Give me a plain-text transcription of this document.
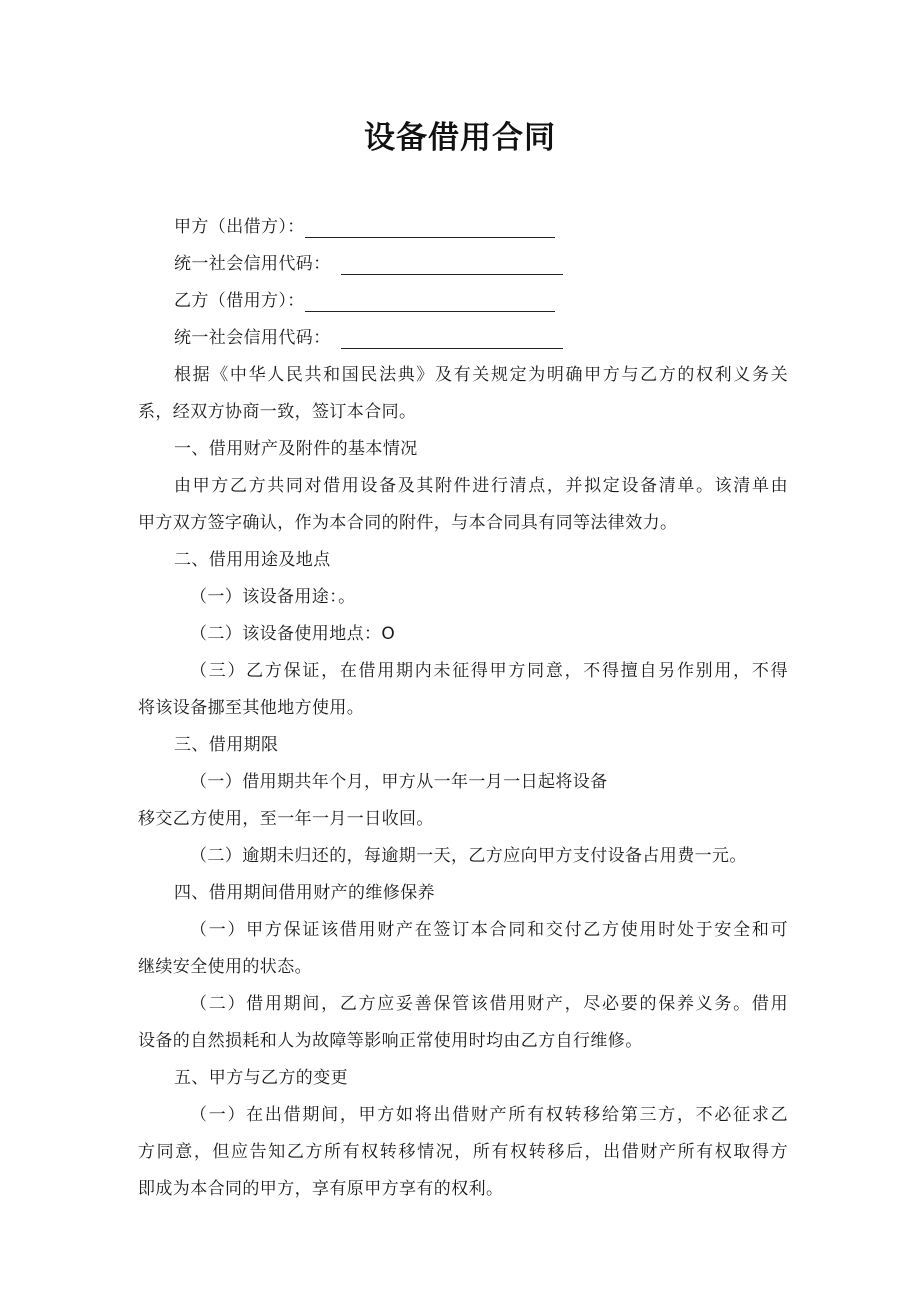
设备借用合同
甲方（出借方）：
统一社会信用代码：
乙方（借用方）：
统一社会信用代码：
根据《中华人民共和国民法典》及有关规定为明确甲方与乙方的权利义务关
系，经双方协商一致，签订本合同。
一、借用财产及附件的基本情况
由甲方乙方共同对借用设备及其附件进行清点，并拟定设备清单。该清单由
甲方双方签字确认，作为本合同的附件，与本合同具有同等法律效力。
二、借用用途及地点
（一）该设备用途：。
（二）该设备使用地点：O
（三）乙方保证，在借用期内未征得甲方同意，不得擅自另作别用，不得
将该设备挪至其他地方使用。
三、借用期限
（一）借用期共年个月，甲方从一年一月一日起将设备
移交乙方使用，至一年一月一日收回。
（二）逾期未归还的，每逾期一天，乙方应向甲方支付设备占用费一元。
四、借用期间借用财产的维修保养
（一）甲方保证该借用财产在签订本合同和交付乙方使用时处于安全和可
继续安全使用的状态。
（二）借用期间，乙方应妥善保管该借用财产，尽必要的保养义务。借用
设备的自然损耗和人为故障等影响正常使用时均由乙方自行维修。
五、甲方与乙方的变更
（一）在出借期间，甲方如将出借财产所有权转移给第三方，不必征求乙
方同意，但应告知乙方所有权转移情况，所有权转移后，出借财产所有权取得方
即成为本合同的甲方，享有原甲方享有的权利。
